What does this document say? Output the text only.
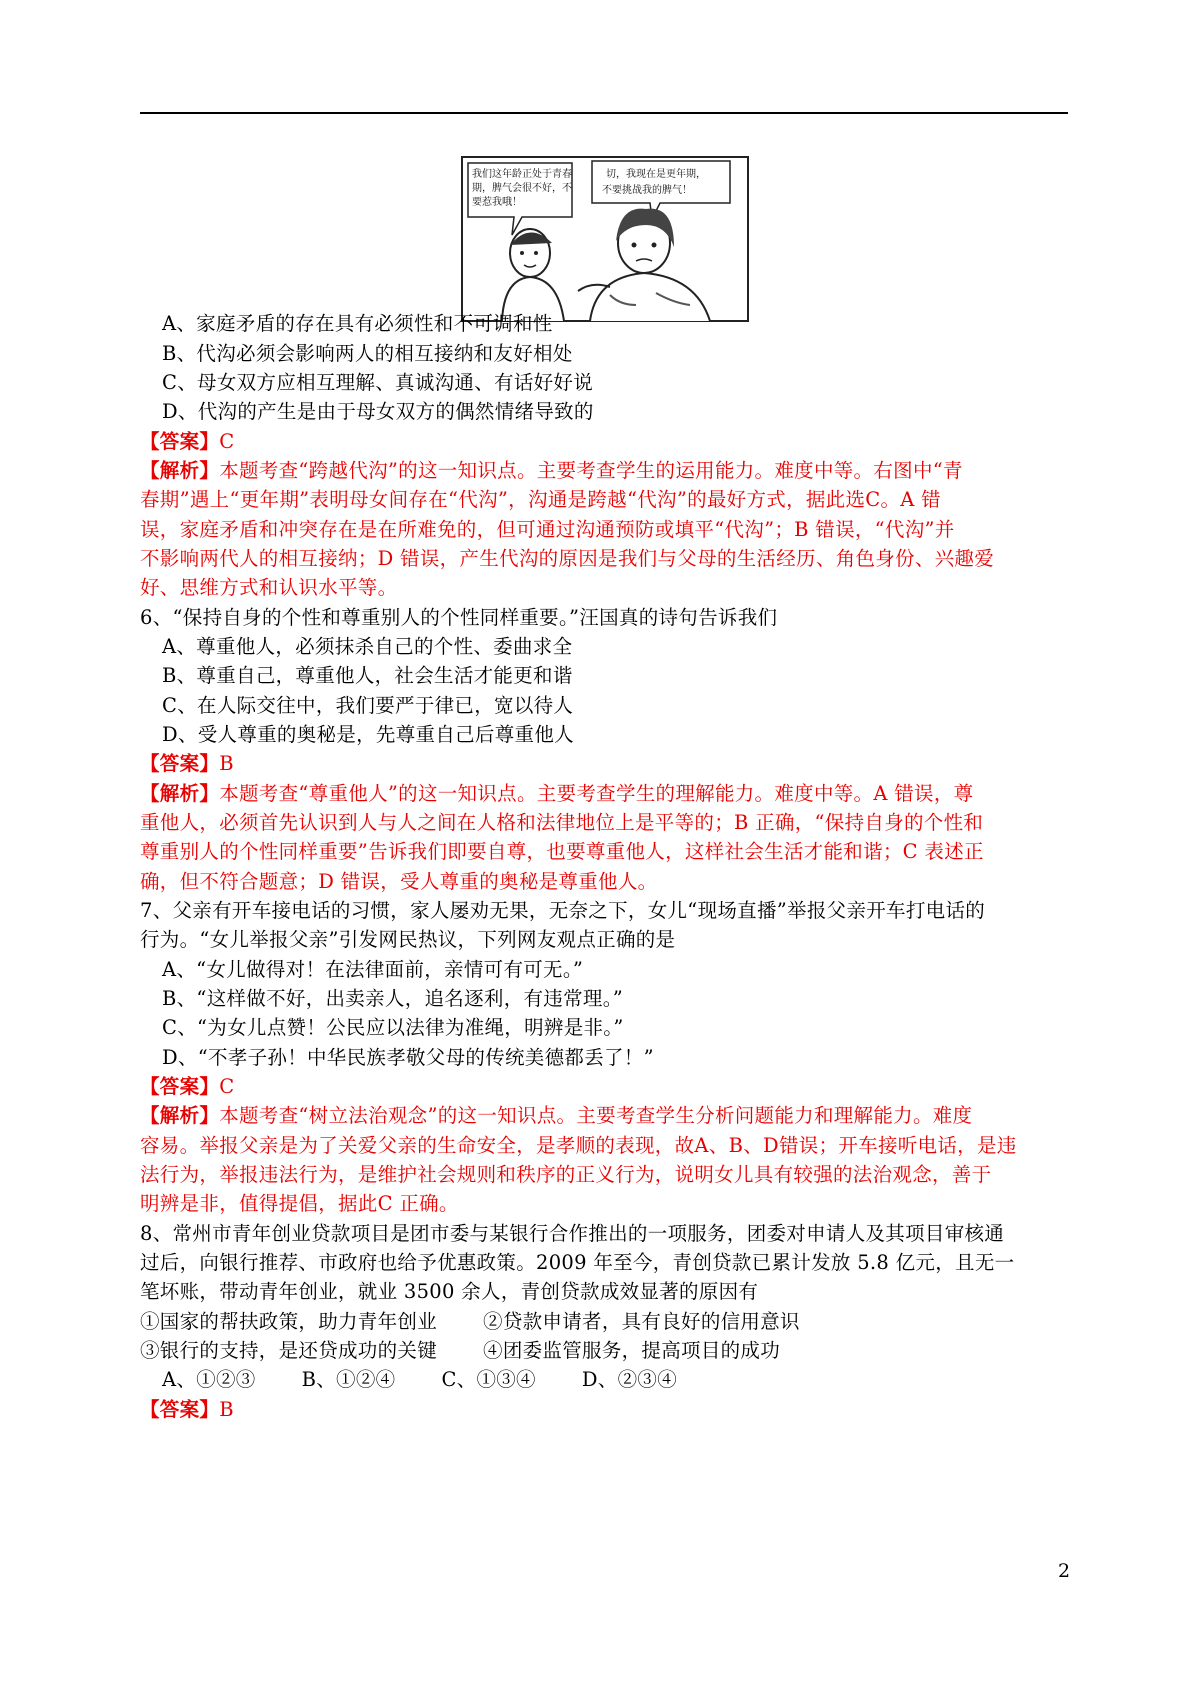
我们这年龄正处于青春
期，脾气会很不好，不
要惹我哦！
切，我现在是更年期，
不要挑战我的脾气！
A、家庭矛盾的存在具有必须性和不可调和性
B、代沟必须会影响两人的相互接纳和友好相处
C、母女双方应相互理解、真诚沟通、有话好好说
D、代沟的产生是由于母女双方的偶然情绪导致的
【答案】C
【解析】本题考查“跨越代沟”的这一知识点。主要考查学生的运用能力。难度中等。右图中“青
春期”遇上“更年期”表明母女间存在“代沟”，沟通是跨越“代沟”的最好方式，据此选C。A 错
误，家庭矛盾和冲突存在是在所难免的，但可通过沟通预防或填平“代沟”；B 错误，“代沟”并
不影响两代人的相互接纳；D 错误，产生代沟的原因是我们与父母的生活经历、角色身份、兴趣爱
好、思维方式和认识水平等。
6、“保持自身的个性和尊重别人的个性同样重要。”汪国真的诗句告诉我们
A、尊重他人，必须抹杀自己的个性、委曲求全
B、尊重自己，尊重他人，社会生活才能更和谐
C、在人际交往中，我们要严于律已，宽以待人
D、受人尊重的奥秘是，先尊重自己后尊重他人
【答案】B
【解析】本题考查“尊重他人”的这一知识点。主要考查学生的理解能力。难度中等。A 错误，尊
重他人，必须首先认识到人与人之间在人格和法律地位上是平等的；B 正确，“保持自身的个性和
尊重别人的个性同样重要”告诉我们即要自尊，也要尊重他人，这样社会生活才能和谐；C 表述正
确，但不符合题意；D 错误，受人尊重的奥秘是尊重他人。
7、父亲有开车接电话的习惯，家人屡劝无果，无奈之下，女儿“现场直播”举报父亲开车打电话的
行为。“女儿举报父亲”引发网民热议，下列网友观点正确的是
A、“女儿做得对！在法律面前，亲情可有可无。”
B、“这样做不好，出卖亲人，追名逐利，有违常理。”
C、“为女儿点赞！公民应以法律为准绳，明辨是非。”
D、“不孝子孙！中华民族孝敬父母的传统美德都丢了！”
【答案】C
【解析】本题考查“树立法治观念”的这一知识点。主要考查学生分析问题能力和理解能力。难度
容易。举报父亲是为了关爱父亲的生命安全，是孝顺的表现，故A、B、D错误；开车接听电话，是违
法行为，举报违法行为，是维护社会规则和秩序的正义行为，说明女儿具有较强的法治观念，善于
明辨是非，值得提倡，据此C 正确。
8、常州市青年创业贷款项目是团市委与某银行合作推出的一项服务，团委对申请人及其项目审核通
过后，向银行推荐、市政府也给予优惠政策。2009 年至今，青创贷款已累计发放 5.8 亿元，且无一
笔坏账，带动青年创业，就业 3500 余人，青创贷款成效显著的原因有
①国家的帮扶政策，助力青年创业 ②贷款申请者，具有良好的信用意识
③银行的支持，是还贷成功的关键 ④团委监管服务，提高项目的成功
A、①②③ B、①②④ C、①③④ D、②③④
【答案】B
2
